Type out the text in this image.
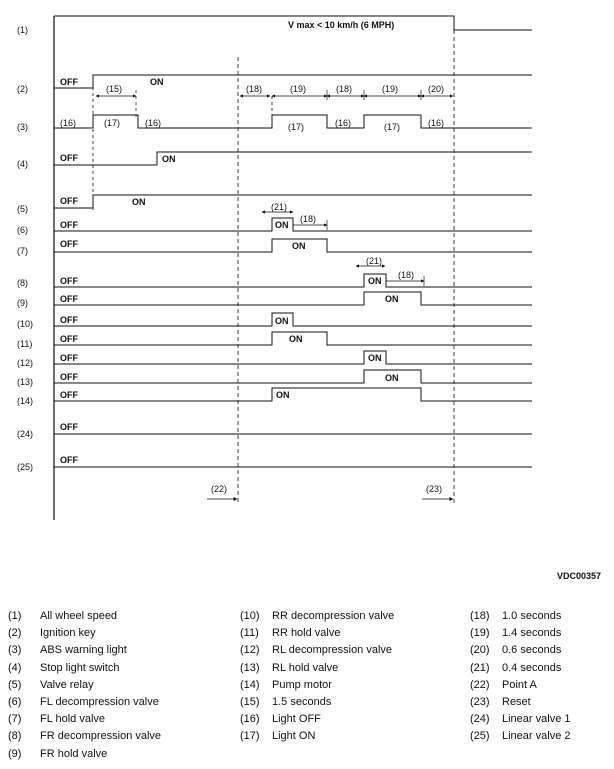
(1)
(2)
(3)
(4)
(5)
(6)
(7)
(8)
(9)
(10)
(11)
(12)
(13)
(14)
(24)
(25)
V max < 10 km/h (6 MPH)
OFF	ON
(15)	(18)	(19)	(18)	(19)	(20)
(16)	(17)	(16)	(17)	(16)	(17)	(16)
OFF	ON
OFF	ON	(21)
(18)
OFF	ON
OFF	ON
(21)
(18)
OFF	ON
OFF	ON
OFF	ON
OFF	ON
OFF	ON
OFF	ON
OFF	ON
OFF
OFF
(22)	(23)
VDC00357
(1) All wheel speed
(2) Ignition key
(3) ABS warning light
(4) Stop light switch
(5) Valve relay
(6) FL decompression valve
(7) FL hold valve
(8) FR decompression valve
(9) FR hold valve
(10) RR decompression valve
(11) RR hold valve
(12) RL decompression valve
(13) RL hold valve
(14) Pump motor
(15) 1.5 seconds
(16) Light OFF
(17) Light ON
(18) 1.0 seconds
(19) 1.4 seconds
(20) 0.6 seconds
(21) 0.4 seconds
(22) Point A
(23) Reset
(24) Linear valve 1
(25) Linear valve 2
